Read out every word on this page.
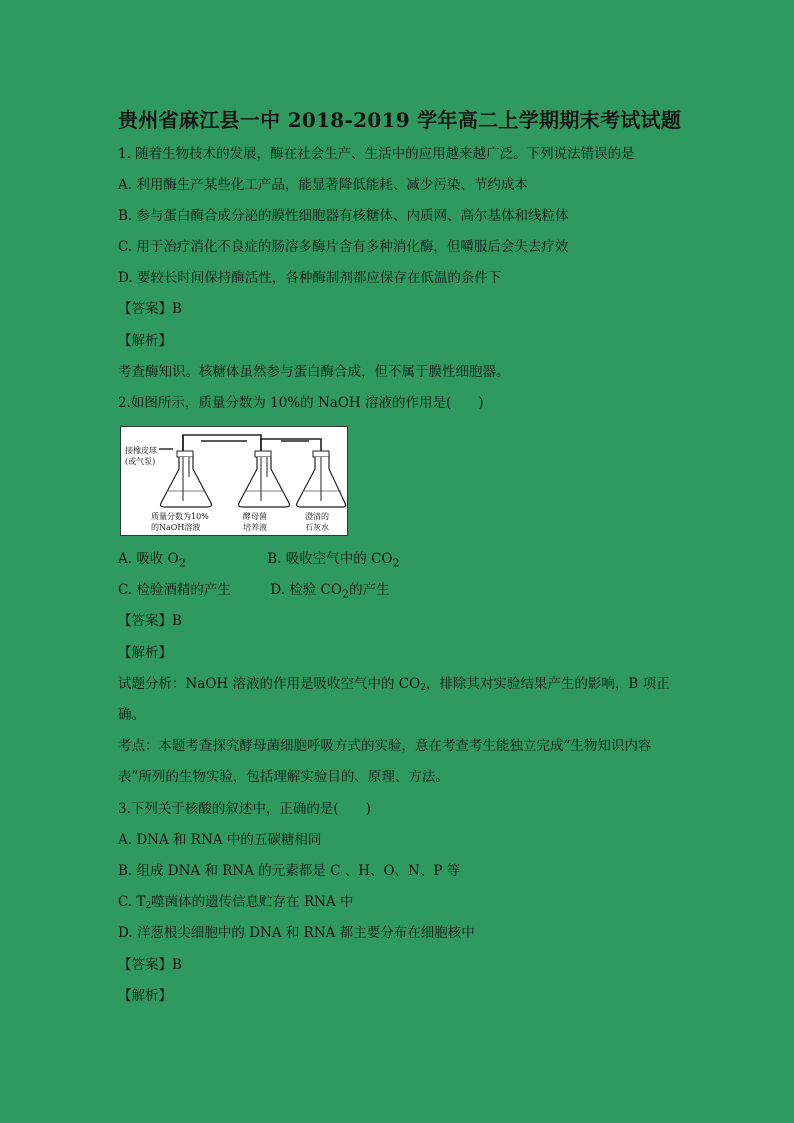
贵州省麻江县一中 2018-2019 学年高二上学期期末考试试题
1. 随着生物技术的发展，酶在社会生产、生活中的应用越来越广泛。下列说法错误的是
A. 利用酶生产某些化工产品，能显著降低能耗、减少污染、节约成本
B. 参与蛋白酶合成分泌的膜性细胞器有核糖体、内质网、高尔基体和线粒体
C. 用于治疗消化不良症的肠溶多酶片含有多种消化酶，但嚼服后会失去疗效
D. 要较长时间保持酶活性，各种酶制剂都应保存在低温的条件下
【答案】B
【解析】
考查酶知识。核糖体虽然参与蛋白酶合成，但不属于膜性细胞器。
2.如图所示，质量分数为 10%的 NaOH 溶液的作用是(　　)
接橡皮球
(或气泵)
质量分数为10%
的NaOH溶液
酵母菌
培养液
澄清的
石灰水
A. 吸收 $O_2$	B. 吸收空气中的 $CO_2$
C. 检验酒精的产生	D. 检验 $CO_2$的产生
【答案】B
【解析】
试题分析：NaOH 溶液的作用是吸收空气中的 $CO_2$，排除其对实验结果产生的影响，B 项正
确。
考点：本题考查探究酵母菌细胞呼吸方式的实验，意在考查考生能独立完成“生物知识内容
表”所列的生物实验，包括理解实验目的、原理、方法。
3.下列关于核酸的叙述中，正确的是(　　)
A. DNA 和 RNA 中的五碳糖相同
B. 组成 DNA 和 RNA 的元素都是 C 、H、O、N、P 等
C. $T_2$噬菌体的遗传信息贮存在 RNA 中
D. 洋葱根尖细胞中的 DNA 和 RNA 都主要分布在细胞核中
【答案】B
【解析】
